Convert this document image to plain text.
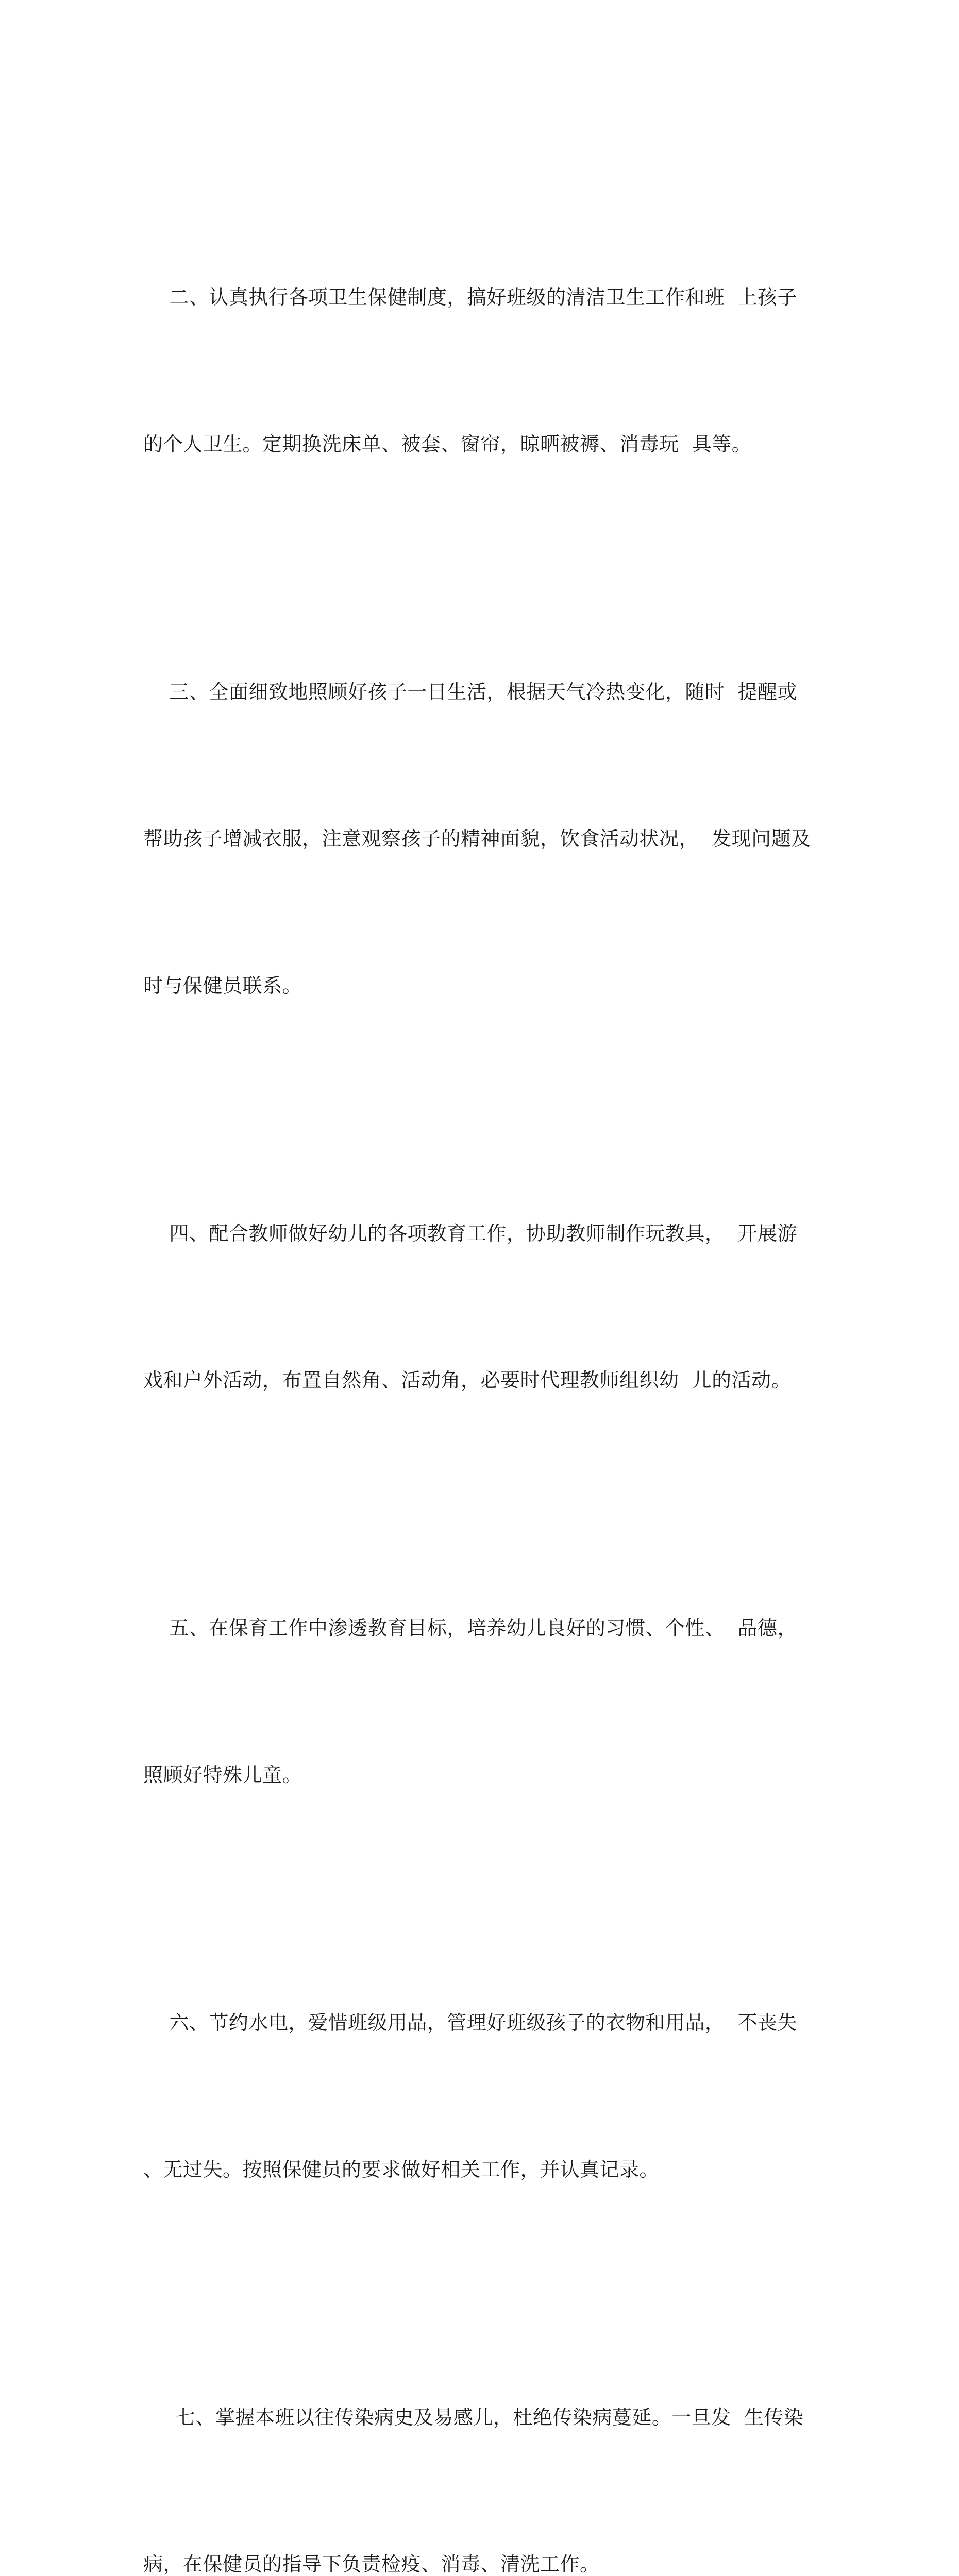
二、认真执行各项卫生保健制度，搞好班级的清洁卫生工作和班  上孩子

的个人卫生。定期换洗床单、被套、窗帘，晾晒被褥、消毒玩  具等。

三、全面细致地照顾好孩子一日生活，根据天气冷热变化，随时  提醒或

帮助孩子增减衣服，注意观察孩子的精神面貌，饮食活动状况，  发现问题及

时与保健员联系。

四、配合教师做好幼儿的各项教育工作，协助教师制作玩教具，  开展游

戏和户外活动，布置自然角、活动角，必要时代理教师组织幼  儿的活动。

五、在保育工作中渗透教育目标，培养幼儿良好的习惯、个性、  品德，

照顾好特殊儿童。

六、节约水电，爱惜班级用品，管理好班级孩子的衣物和用品，  不丧失

、无过失。按照保健员的要求做好相关工作，并认真记录。

七、掌握本班以往传染病史及易感儿，杜绝传染病蔓延。一旦发  生传染

病，在保健员的指导下负责检疫、消毒、清洗工作。
